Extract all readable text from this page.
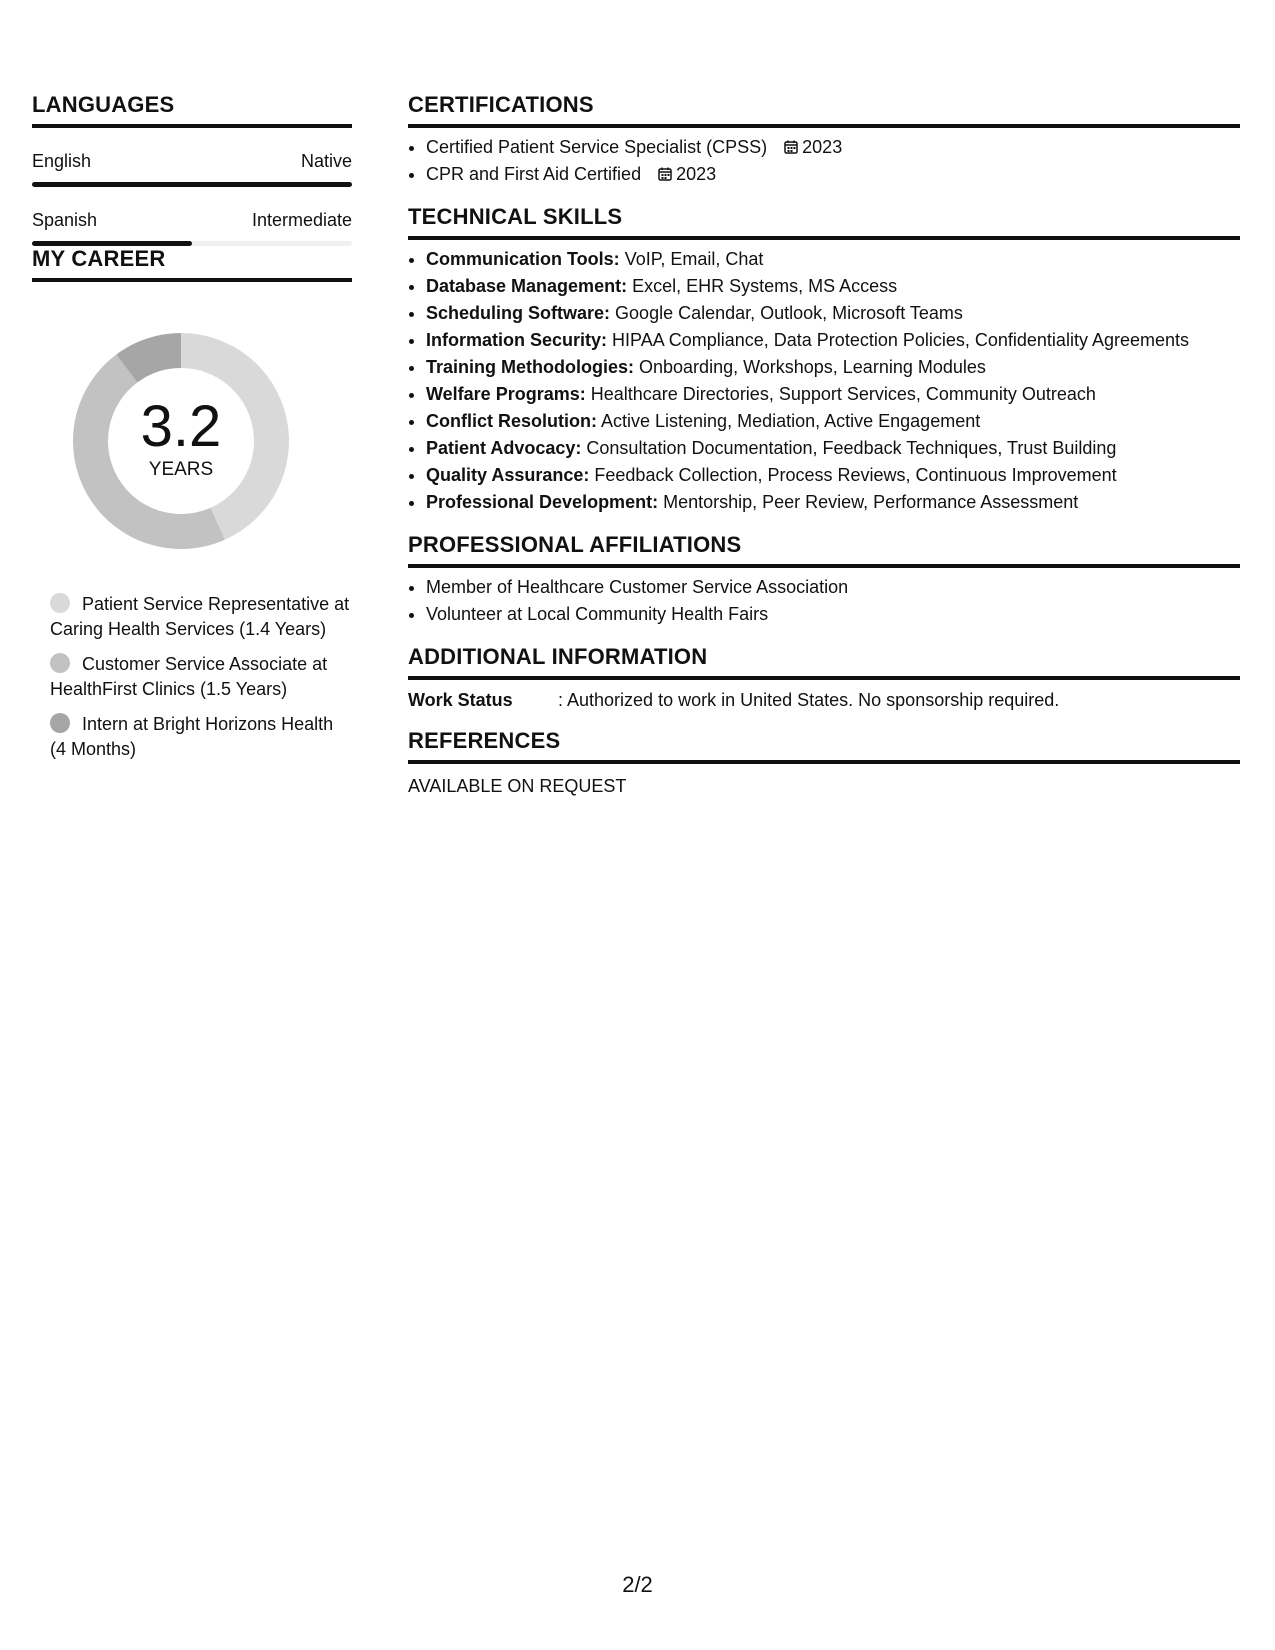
LANGUAGES
English	Native
Spanish	Intermediate
MY CAREER
3.2
YEARS
Patient Service Representative at Caring Health Services (1.4 Years)
Customer Service Associate at HealthFirst Clinics (1.5 Years)
Intern at Bright Horizons Health (4 Months)
CERTIFICATIONS
• Certified Patient Service Specialist (CPSS) 2023
• CPR and First Aid Certified 2023
TECHNICAL SKILLS
• Communication Tools: VoIP, Email, Chat
• Database Management: Excel, EHR Systems, MS Access
• Scheduling Software: Google Calendar, Outlook, Microsoft Teams
• Information Security: HIPAA Compliance, Data Protection Policies, Confidentiality Agreements
• Training Methodologies: Onboarding, Workshops, Learning Modules
• Welfare Programs: Healthcare Directories, Support Services, Community Outreach
• Conflict Resolution: Active Listening, Mediation, Active Engagement
• Patient Advocacy: Consultation Documentation, Feedback Techniques, Trust Building
• Quality Assurance: Feedback Collection, Process Reviews, Continuous Improvement
• Professional Development: Mentorship, Peer Review, Performance Assessment
PROFESSIONAL AFFILIATIONS
• Member of Healthcare Customer Service Association
• Volunteer at Local Community Health Fairs
ADDITIONAL INFORMATION
Work Status	: Authorized to work in United States. No sponsorship required.
REFERENCES
AVAILABLE ON REQUEST
2/2
